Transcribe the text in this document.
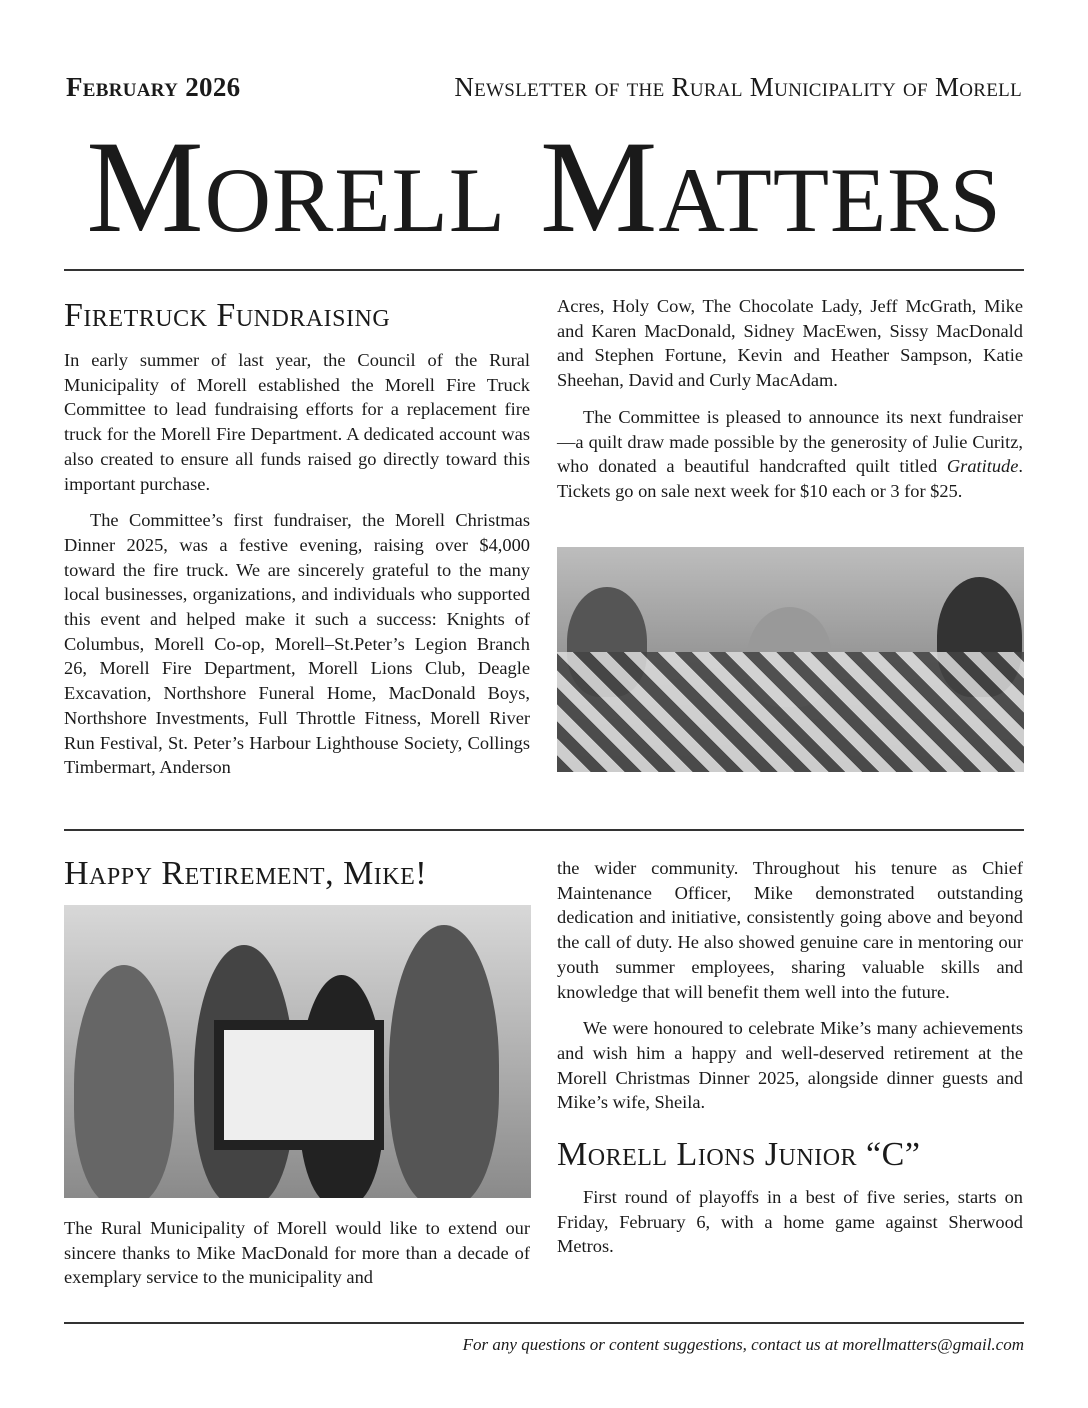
February 2026	Newsletter of the Rural Municipality of Morell
Morell Matters
Firetruck Fundraising

In early summer of last year, the Council of the Rural Municipality of Morell established the Morell Fire Truck Committee to lead fundraising efforts for a replacement fire truck for the Morell Fire Department. A dedicated account was also created to ensure all funds raised go directly toward this important purchase.

The Committee’s first fundraiser, the Morell Christmas Dinner 2025, was a festive evening, raising over $4,000 toward the fire truck. We are sincerely grateful to the many local businesses, organizations, and individuals who supported this event and helped make it such a success: Knights of Columbus, Morell Co-op, Morell–St.Peter’s Legion Branch 26, Morell Fire Department, Morell Lions Club, Deagle Excavation, Northshore Funeral Home, MacDonald Boys, Northshore Investments, Full Throttle Fitness, Morell River Run Festival, St. Peter’s Harbour Lighthouse Society, Collings Timbermart, Anderson

Acres, Holy Cow, The Chocolate Lady, Jeff McGrath, Mike and Karen MacDonald, Sidney MacEwen, Sissy MacDonald and Stephen Fortune, Kevin and Heather Sampson, Katie Sheehan, David and Curly MacAdam.

The Committee is pleased to announce its next fundraiser—a quilt draw made possible by the generosity of Julie Curitz, who donated a beautiful handcrafted quilt titled Gratitude. Tickets go on sale next week for $10 each or 3 for $25.

Happy Retirement, Mike!

The Rural Municipality of Morell would like to extend our sincere thanks to Mike MacDonald for more than a decade of exemplary service to the municipality and

the wider community. Throughout his tenure as Chief Maintenance Officer, Mike demonstrated outstanding dedication and initiative, consistently going above and beyond the call of duty. He also showed genuine care in mentoring our youth summer employees, sharing valuable skills and knowledge that will benefit them well into the future.

We were honoured to celebrate Mike’s many achievements and wish him a happy and well-deserved retirement at the Morell Christmas Dinner 2025, alongside dinner guests and Mike’s wife, Sheila.

Morell Lions Junior “C”

First round of playoffs in a best of five series, starts on Friday, February 6, with a home game against Sherwood Metros.

For any questions or content suggestions, contact us at morellmatters@gmail.com
